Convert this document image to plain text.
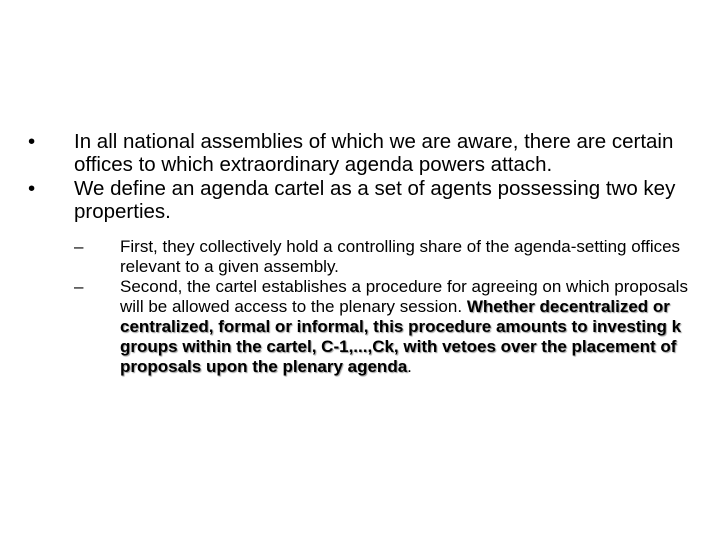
•	In all national assemblies of which we are aware, there are certain offices to which extraordinary agenda powers attach.
•	We define an agenda cartel as a set of agents possessing two key properties.
– First, they collectively hold a controlling share of the agenda-setting offices relevant to a given assembly.
– Second, the cartel establishes a procedure for agreeing on which proposals will be allowed access to the plenary session. Whether decentralized or centralized, formal or informal, this procedure amounts to investing k groups within the cartel, C-1,...,Ck, with vetoes over the placement of proposals upon the plenary agenda.
